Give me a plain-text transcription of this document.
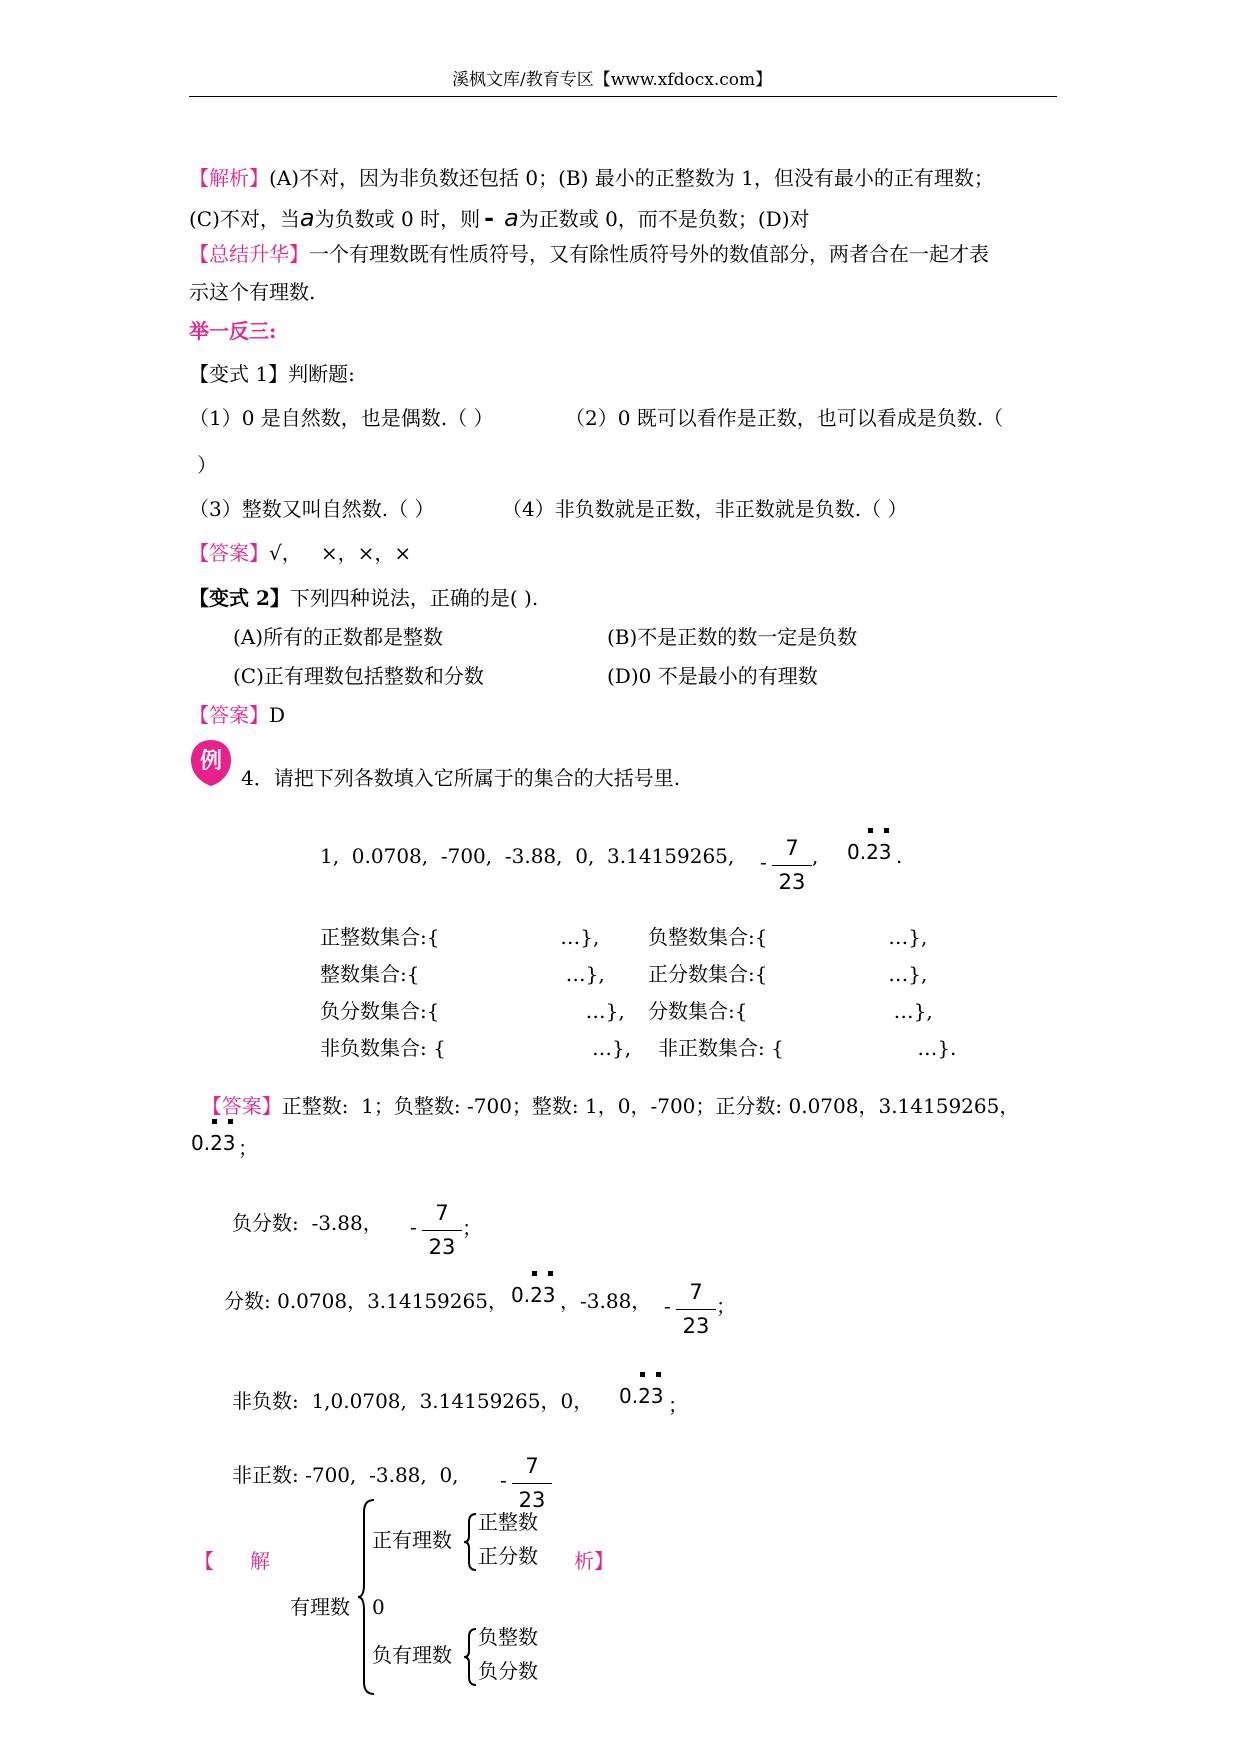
溪枫文库/教育专区【www.xfdocx.com】
【解析】(A)不对，因为非负数还包括 0；(B) 最小的正整数为 1，但没有最小的正有理数；
(C)不对，当a为负数或 0 时，则 - a为正数或 0，而不是负数；(D)对
【总结升华】一个有理数既有性质符号，又有除性质符号外的数值部分，两者合在一起才表
示这个有理数.
举一反三:
【变式 1】判断题:
（1）0 是自然数，也是偶数.（ ）	（2）0 既可以看作是正数，也可以看成是负数.（
）
（3）整数又叫自然数.（ ）	（4）非负数就是正数，非正数就是负数.（ ）
【答案】√，   ×，×，×
【变式 2】下列四种说法，正确的是( ).
(A)所有的正数都是整数	(B)不是正数的数一定是负数
(C)正有理数包括整数和分数	(D)0 不是最小的有理数
【答案】D
例
4．请把下列各数填入它所属于的集合的大括号里.
1,  0.0708,  -700,  -3.88,  0,  3.14159265, -
7
23
, 0.23 .
正整数集合:{                   …}, 负整数集合:{                   …},
整数集合:{                       …}, 正分数集合:{                   …},
负分数集合:{                       …}, 分数集合:{                       …},
非负数集合: {                       …}, 非正数集合: {                     …}.

【答案】正整数:  1；负整数: -700；整数: 1，0，-700；正分数: 0.0708，3.14159265，

0.23 ；
负分数:  -3.88， -
7
23
；
分数: 0.0708，3.14159265， 0.23 ，-3.88， -
7
23
；
非负数:  1,0.0708,  3.14159265，0， 0.23 ；
非正数: -700,  -3.88,  0, -
7
23
【 解	析】
有理数
正有理数
正整数
正分数
0
负有理数
负整数
负分数
